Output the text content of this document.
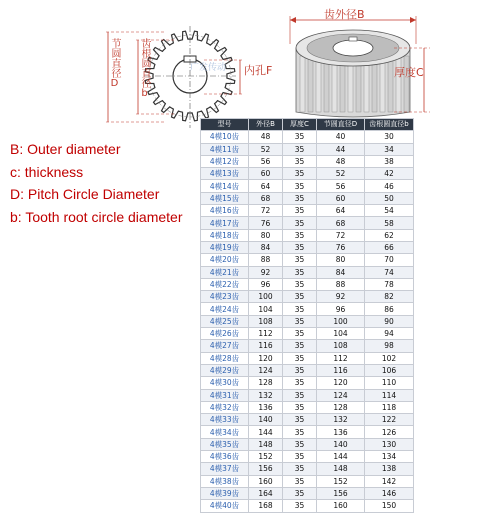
节圆直径D 齿根圆直径b	内孔F
齿外径B
厚度C
广发传动
B: Outer diameter
c: thickness
D: Pitch Circle Diameter
b: Tooth root circle diameter
型号	外径B	厚度C	节圆直径D	齿根圆直径b
4模10齿	48	35	40	30
4模11齿	52	35	44	34
4模12齿	56	35	48	38
4模13齿	60	35	52	42
4模14齿	64	35	56	46
4模15齿	68	35	60	50
4模16齿	72	35	64	54
4模17齿	76	35	68	58
4模18齿	80	35	72	62
4模19齿	84	35	76	66
4模20齿	88	35	80	70
4模21齿	92	35	84	74
4模22齿	96	35	88	78
4模23齿	100	35	92	82
4模24齿	104	35	96	86
4模25齿	108	35	100	90
4模26齿	112	35	104	94
4模27齿	116	35	108	98
4模28齿	120	35	112	102
4模29齿	124	35	116	106
4模30齿	128	35	120	110
4模31齿	132	35	124	114
4模32齿	136	35	128	118
4模33齿	140	35	132	122
4模34齿	144	35	136	126
4模35齿	148	35	140	130
4模36齿	152	35	144	134
4模37齿	156	35	148	138
4模38齿	160	35	152	142
4模39齿	164	35	156	146
4模40齿	168	35	160	150
